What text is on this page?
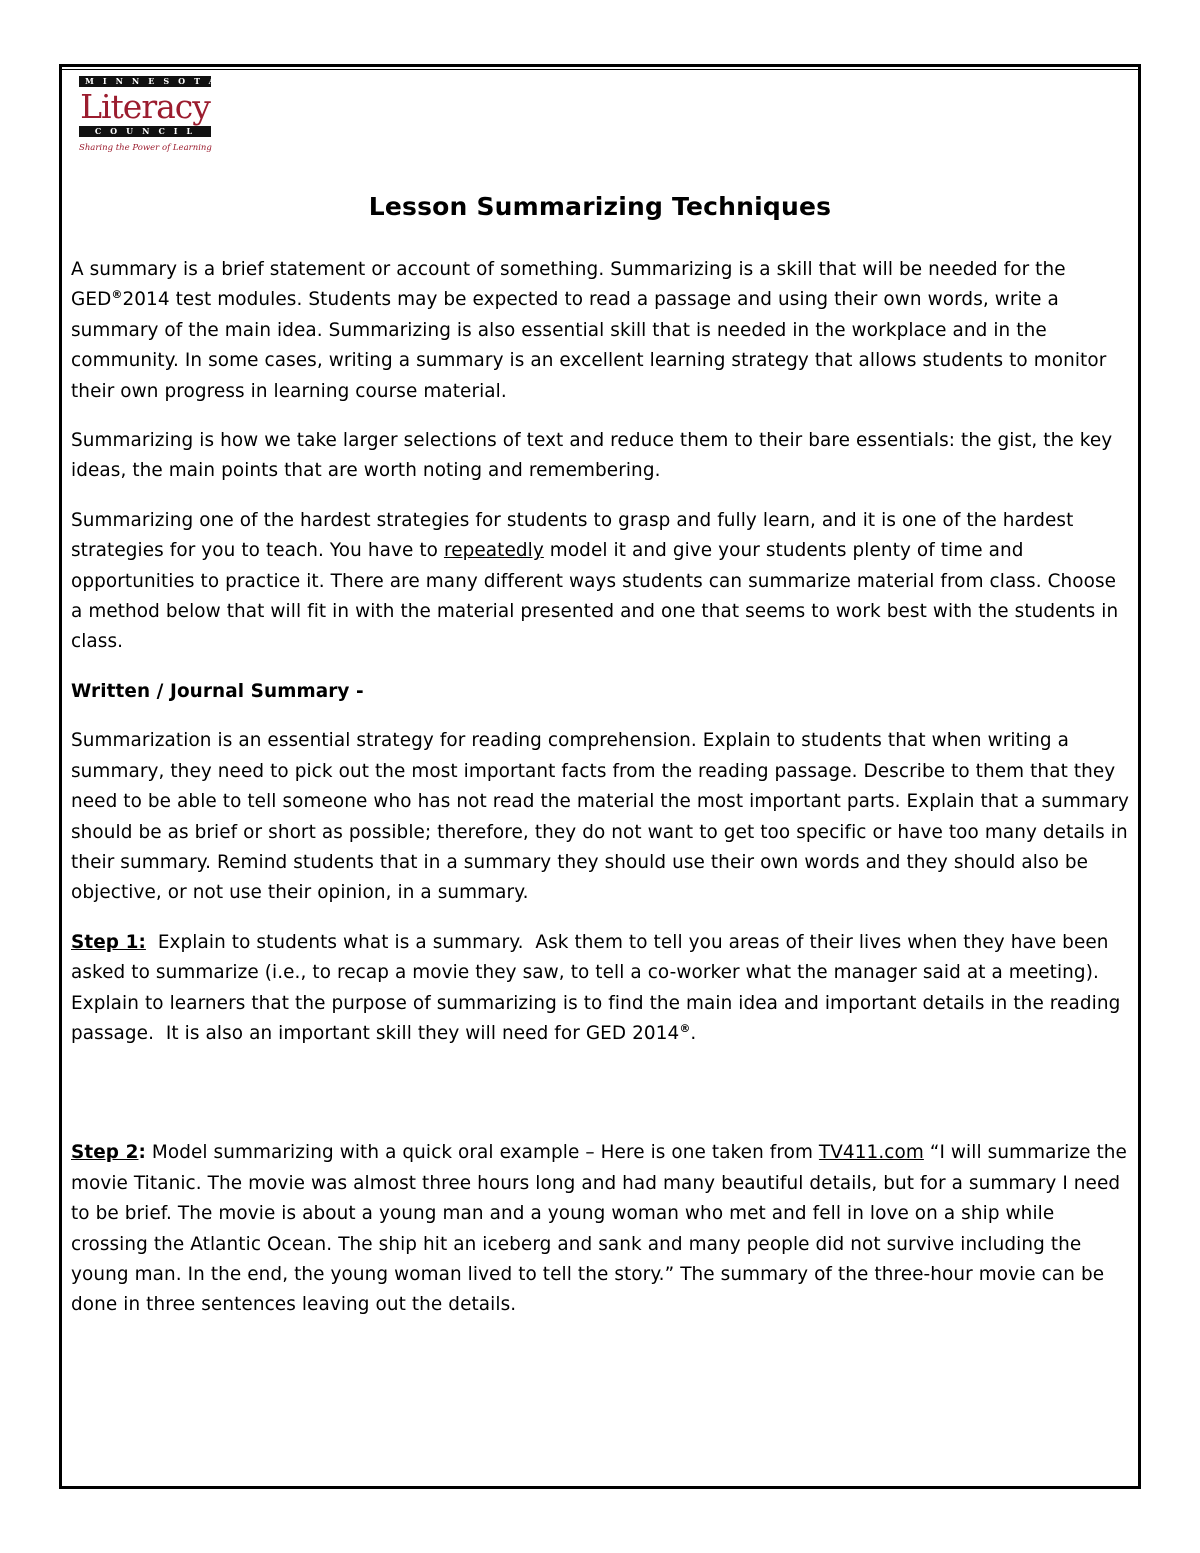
MINNESOTA
Literacy
COUNCIL
Sharing the Power of Learning
Lesson Summarizing Techniques

A summary is a brief statement or account of something. Summarizing is a skill that will be needed for the GED®2014 test modules. Students may be expected to read a passage and using their own words, write a summary of the main idea. Summarizing is also essential skill that is needed in the workplace and in the community. In some cases, writing a summary is an excellent learning strategy that allows students to monitor their own progress in learning course material.

Summarizing is how we take larger selections of text and reduce them to their bare essentials: the gist, the key ideas, the main points that are worth noting and remembering.

Summarizing one of the hardest strategies for students to grasp and fully learn, and it is one of the hardest strategies for you to teach. You have to repeatedly model it and give your students plenty of time and opportunities to practice it. There are many different ways students can summarize material from class. Choose a method below that will fit in with the material presented and one that seems to work best with the students in class.

Written / Journal Summary -

Summarization is an essential strategy for reading comprehension. Explain to students that when writing a summary, they need to pick out the most important facts from the reading passage. Describe to them that they need to be able to tell someone who has not read the material the most important parts. Explain that a summary should be as brief or short as possible; therefore, they do not want to get too specific or have too many details in their summary. Remind students that in a summary they should use their own words and they should also be objective, or not use their opinion, in a summary.

Step 1:  Explain to students what is a summary.  Ask them to tell you areas of their lives when they have been asked to summarize (i.e., to recap a movie they saw, to tell a co-worker what the manager said at a meeting).  Explain to learners that the purpose of summarizing is to find the main idea and important details in the reading passage.  It is also an important skill they will need for GED 2014®.

Step 2: Model summarizing with a quick oral example – Here is one taken from TV411.com “I will summarize the movie Titanic. The movie was almost three hours long and had many beautiful details, but for a summary I need to be brief. The movie is about a young man and a young woman who met and fell in love on a ship while crossing the Atlantic Ocean. The ship hit an iceberg and sank and many people did not survive including the young man. In the end, the young woman lived to tell the story.” The summary of the three-hour movie can be done in three sentences leaving out the details.
